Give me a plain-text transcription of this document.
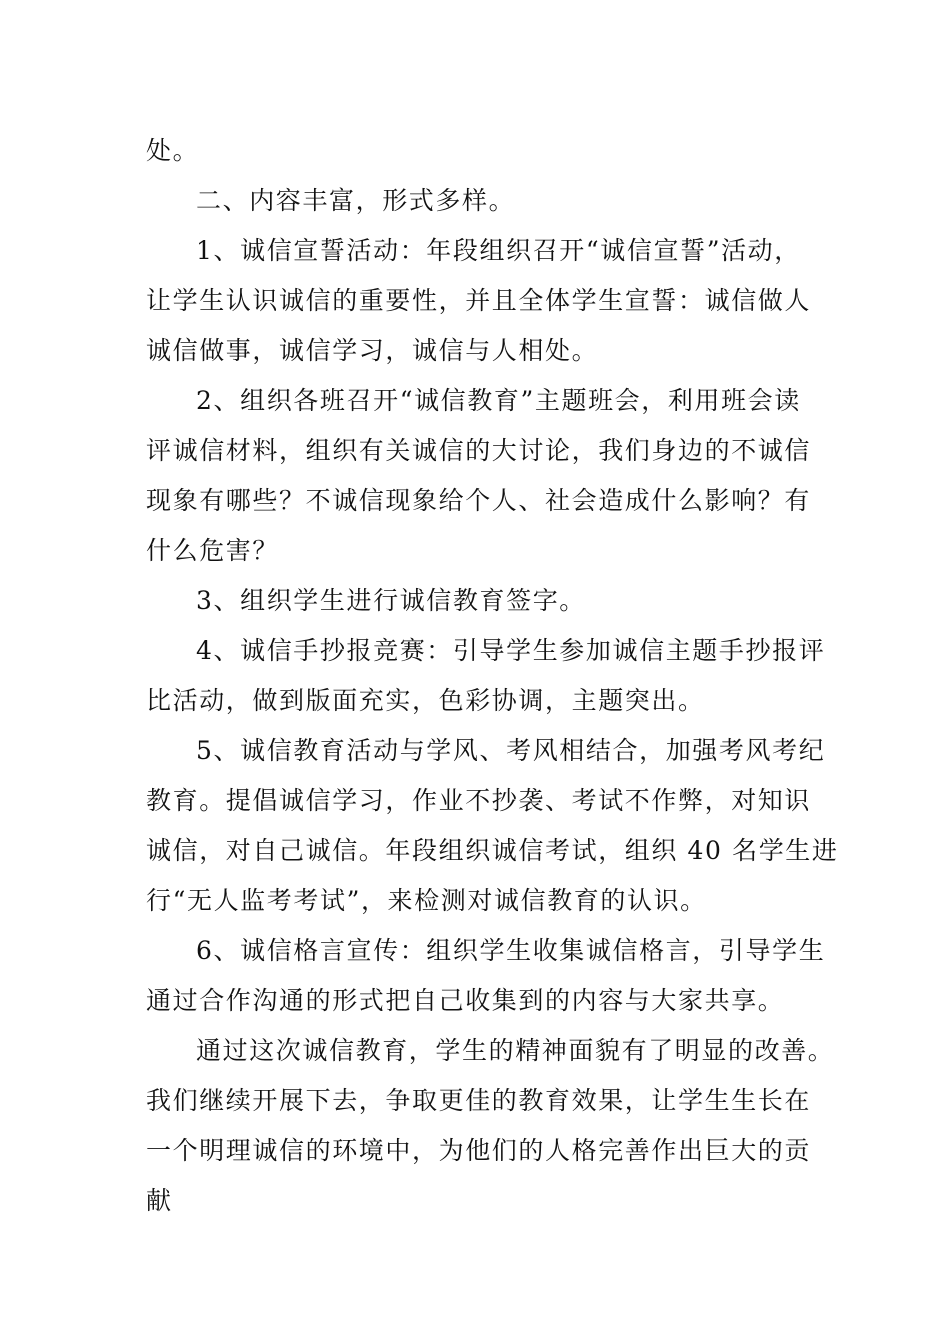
处。
二、内容丰富，形式多样。
1、诚信宣誓活动：年段组织召开“诚信宣誓”活动，
让学生认识诚信的重要性，并且全体学生宣誓：诚信做人
诚信做事，诚信学习，诚信与人相处。
2、组织各班召开“诚信教育”主题班会，利用班会读
评诚信材料，组织有关诚信的大讨论，我们身边的不诚信
现象有哪些？不诚信现象给个人、社会造成什么影响？有
什么危害？
3、组织学生进行诚信教育签字。
4、诚信手抄报竞赛：引导学生参加诚信主题手抄报评
比活动，做到版面充实，色彩协调，主题突出。
5、诚信教育活动与学风、考风相结合，加强考风考纪
教育。提倡诚信学习，作业不抄袭、考试不作弊，对知识
诚信，对自己诚信。年段组织诚信考试，组织 40 名学生进
行“无人监考考试”，来检测对诚信教育的认识。
6、诚信格言宣传：组织学生收集诚信格言，引导学生
通过合作沟通的形式把自己收集到的内容与大家共享。
通过这次诚信教育，学生的精神面貌有了明显的改善。
我们继续开展下去，争取更佳的教育效果，让学生生长在
一个明理诚信的环境中，为他们的人格完善作出巨大的贡
献
